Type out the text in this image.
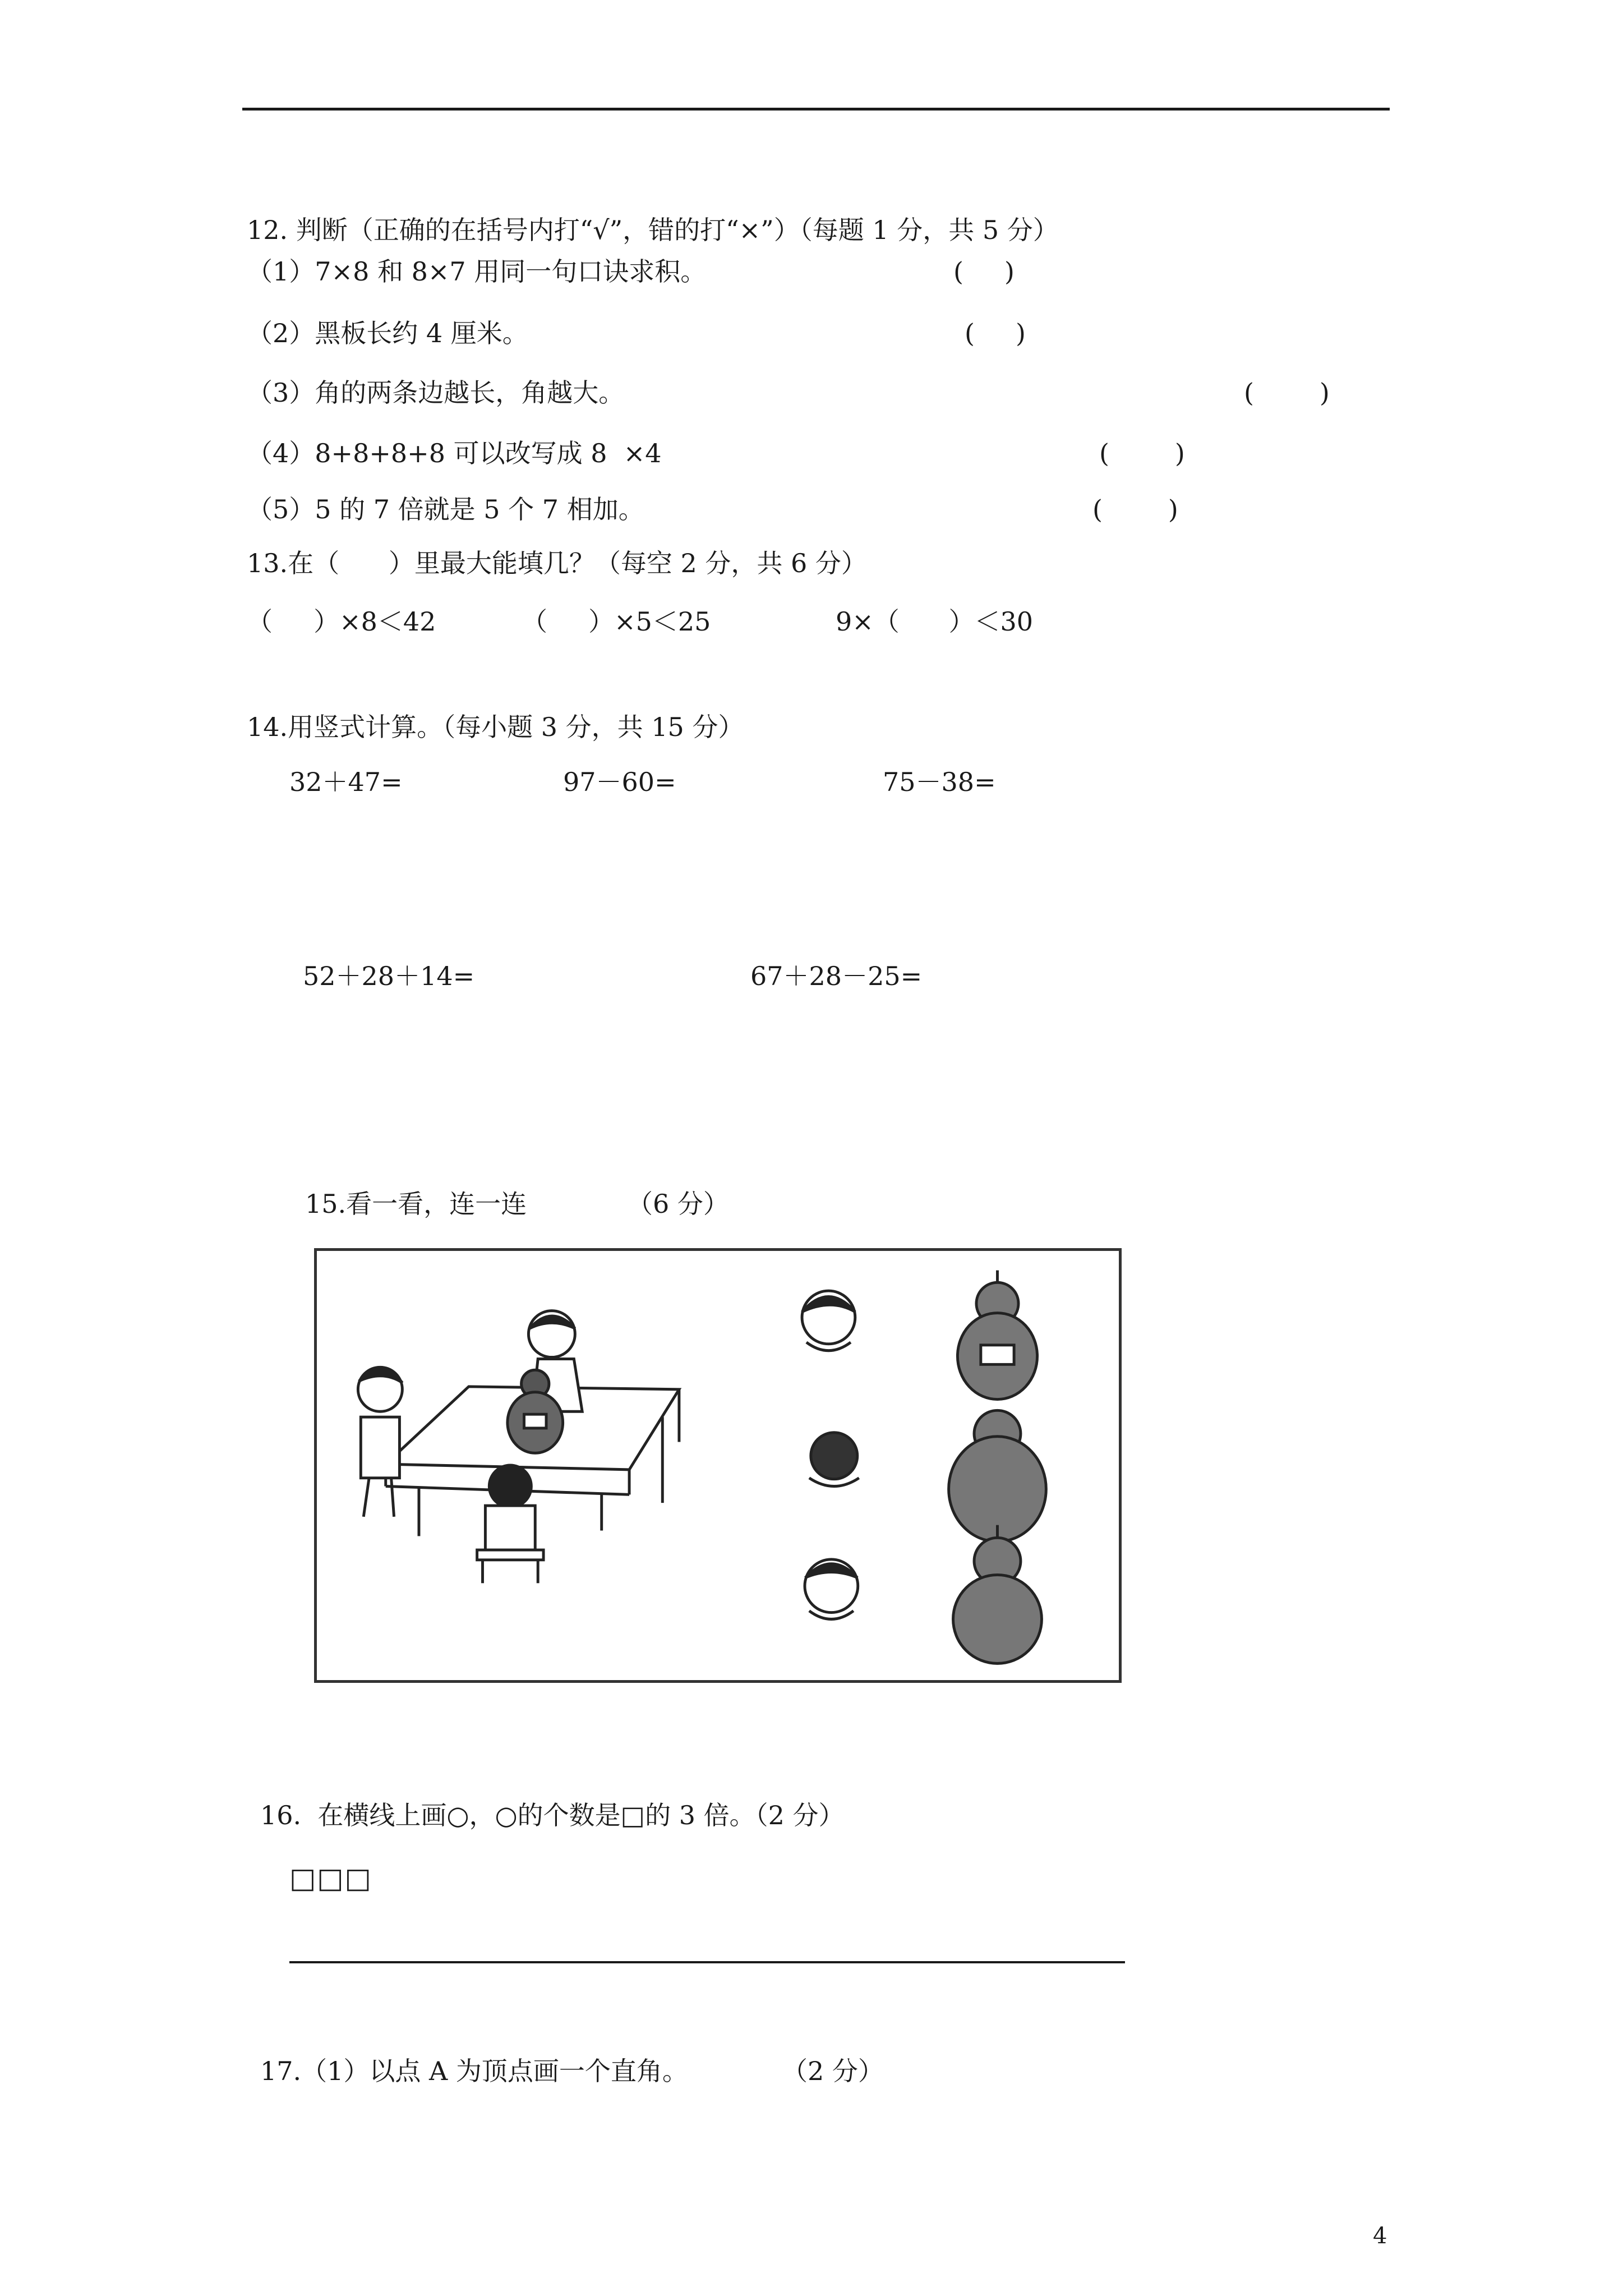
12. 判断（正确的在括号内打“√”，错的打“×”）（每题 1 分，共 5 分）
（1）7×8 和 8×7 用同一句口诀求积。	(     )
（2）黑板长约 4 厘米。	(     )
（3）角的两条边越长，角越大。	(        )
（4）8+8+8+8 可以改写成 8  ×4	(        )
（5）5 的 7 倍就是 5 个 7 相加。	(        )
13.在（      ）里最大能填几？（每空 2 分，共 6 分）
（     ）×8＜42	（     ）×5＜25	9×（      ）＜30
14.用竖式计算。（每小题 3 分，共 15 分）
32＋47=	97－60=	75－38=
52＋28＋14=	67＋28－25=
15.看一看，连一连	（6 分）
16.  在横线上画○，○的个数是□的 3 倍。（2 分）
□□□
17.（1）以点 A 为顶点画一个直角。	（2 分）
4
